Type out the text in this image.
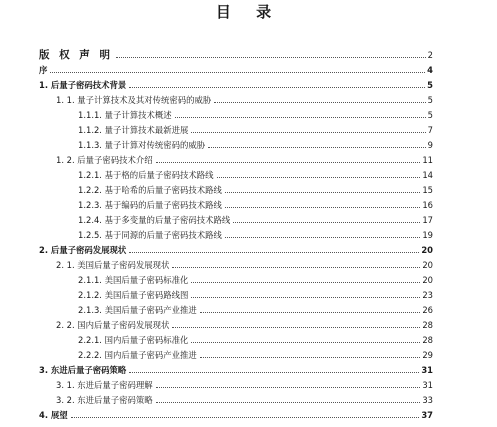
目 录
版 权 声 明	2
序	4
1. 后量子密码技术背景	5
1. 1. 量子计算技术及其对传统密码的威胁	5
1.1.1. 量子计算技术概述	5
1.1.2. 量子计算技术最新进展	7
1.1.3. 量子计算对传统密码的威胁	9
1. 2. 后量子密码技术介绍	11
1.2.1. 基于格的后量子密码技术路线	14
1.2.2. 基于哈希的后量子密码技术路线	15
1.2.3. 基于编码的后量子密码技术路线	16
1.2.4. 基于多变量的后量子密码技术路线	17
1.2.5. 基于同源的后量子密码技术路线	19
2. 后量子密码发展现状	20
2. 1. 美国后量子密码发展现状	20
2.1.1. 美国后量子密码标准化	20
2.1.2. 美国后量子密码路线图	23
2.1.3. 美国后量子密码产业推进	26
2. 2. 国内后量子密码发展现状	28
2.2.1. 国内后量子密码标准化	28
2.2.2. 国内后量子密码产业推进	29
3. 东进后量子密码策略	31
3. 1. 东进后量子密码理解	31
3. 2. 东进后量子密码策略	33
4. 展望	37
